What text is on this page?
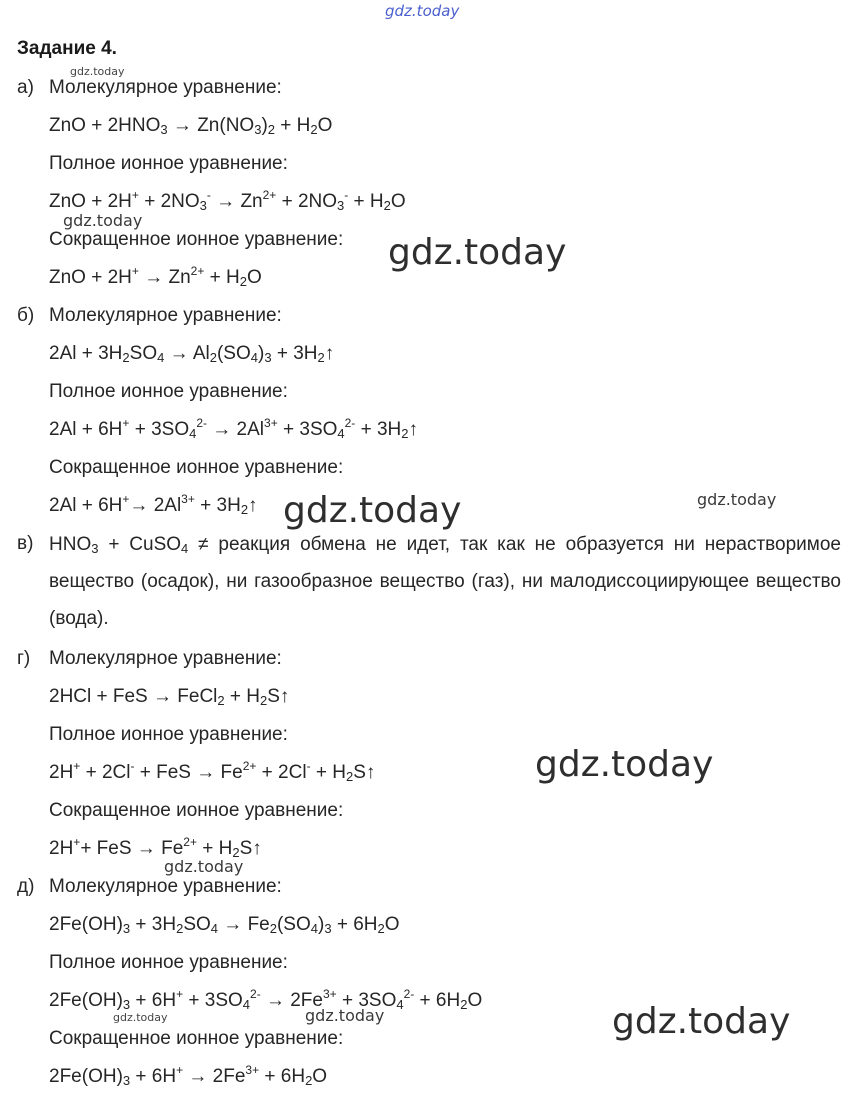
gdz.today
Задание 4.
gdz.today
а) Молекулярное уравнение:
ZnO + $2HNO_3 \to Zn(NO_3)_2 + H_2O$
Полное ионное уравнение:
ZnO + $2H^+ + 2NO_3^- \to Zn^{2+} + 2NO_3^- + H_2O$
gdz.today
Сокращенное ионное уравнение: gdz.today
ZnO + $2H^+ \to Zn^{2+} + H_2O$
б) Молекулярное уравнение:
$2Al + 3H_2SO_4 \to Al_2(SO_4)_3$ + $3H_2↑$
Полное ионное уравнение:
$2Al + 6H^+ + 3SO_4^{2-} \to 2Al^{3+} + 3SO_4^{2-}$ + $3H_2↑$
Сокращенное ионное уравнение:
$2Al + 6H^+\to 2Al^{3+}$ + $3H_2↑$ gdz.today	gdz.today
в) $HNO_3$ + CuSO$_4$ ≠ реакция обмена не идет, так как не образуется ни нерастворимое вещество (осадок), ни газообразное вещество (газ), ни малодиссоциирующее вещество (вода).
г) Молекулярное уравнение:
2HCl + FeS → FeCl$_2$ + $H_2S↑$
Полное ионное уравнение:
2H+ + 2Cl- + FeS → $Fe^{2+} + 2Cl^-$ + $H_2S↑$	gdz.today
Сокращенное ионное уравнение:
2H++ FeS → $Fe^{2+}$ + $H_2S↑$
gdz.today
д) Молекулярное уравнение:
$2Fe(OH)_3 + 3H_2SO_4 \to Fe_2(SO_4)_3 + 6H_2O$
Полное ионное уравнение:
$2Fe(OH)_3 + 6H^+ + 3SO_4^{2-} \to 2Fe^{3+} + 3SO_4^{2-} + 6H_2O$
gdz.today	gdz.today	gdz.today
Сокращенное ионное уравнение:
$2Fe(OH)_3 + 6H^+ \to 2Fe^{3+} + 6H_2O$
